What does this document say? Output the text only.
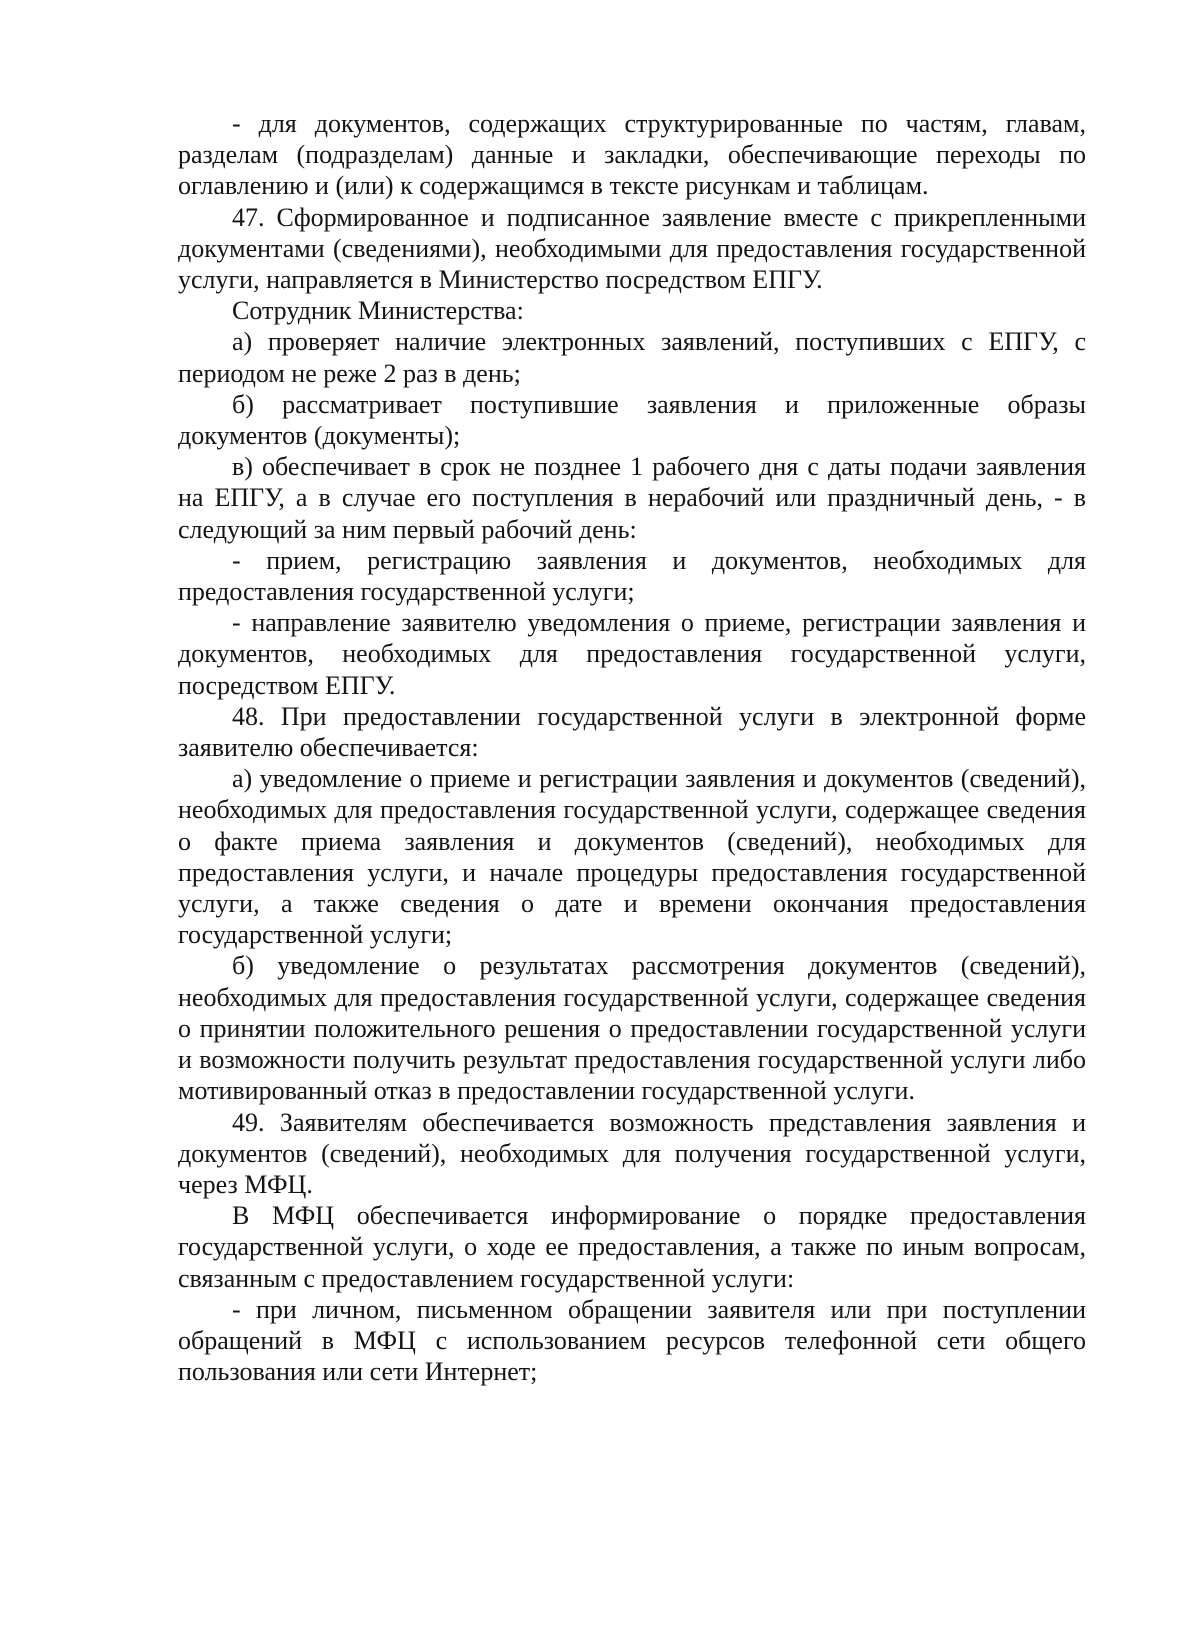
- для документов, содержащих структурированные по частям, главам, разделам (подразделам) данные и закладки, обеспечивающие переходы по оглавлению и (или) к содержащимся в тексте рисункам и таблицам.

47. Сформированное и подписанное заявление вместе с прикрепленными документами (сведениями), необходимыми для предоставления государственной услуги, направляется в Министерство посредством ЕПГУ.

Сотрудник Министерства:

а) проверяет наличие электронных заявлений, поступивших с ЕПГУ, с периодом не реже 2 раз в день;

б) рассматривает поступившие заявления и приложенные образы документов (документы);

в) обеспечивает в срок не позднее 1 рабочего дня с даты подачи заявления на ЕПГУ, а в случае его поступления в нерабочий или праздничный день, - в следующий за ним первый рабочий день:

- прием, регистрацию заявления и документов, необходимых для предоставления государственной услуги;

- направление заявителю уведомления о приеме, регистрации заявления и документов, необходимых для предоставления государственной услуги, посредством ЕПГУ.

48. При предоставлении государственной услуги в электронной форме заявителю обеспечивается:

а) уведомление о приеме и регистрации заявления и документов (сведений), необходимых для предоставления государственной услуги, содержащее сведения о факте приема заявления и документов (сведений), необходимых для предоставления услуги, и начале процедуры предоставления государственной услуги, а также сведения о дате и времени окончания предоставления государственной услуги;

б) уведомление о результатах рассмотрения документов (сведений), необходимых для предоставления государственной услуги, содержащее сведения о принятии положительного решения о предоставлении государственной услуги и возможности получить результат предоставления государственной услуги либо мотивированный отказ в предоставлении государственной услуги.

49. Заявителям обеспечивается возможность представления заявления и документов (сведений), необходимых для получения государственной услуги, через МФЦ.

В МФЦ обеспечивается информирование о порядке предоставления государственной услуги, о ходе ее предоставления, а также по иным вопросам, связанным с предоставлением государственной услуги:

- при личном, письменном обращении заявителя или при поступлении обращений в МФЦ с использованием ресурсов телефонной сети общего пользования или сети Интернет;
